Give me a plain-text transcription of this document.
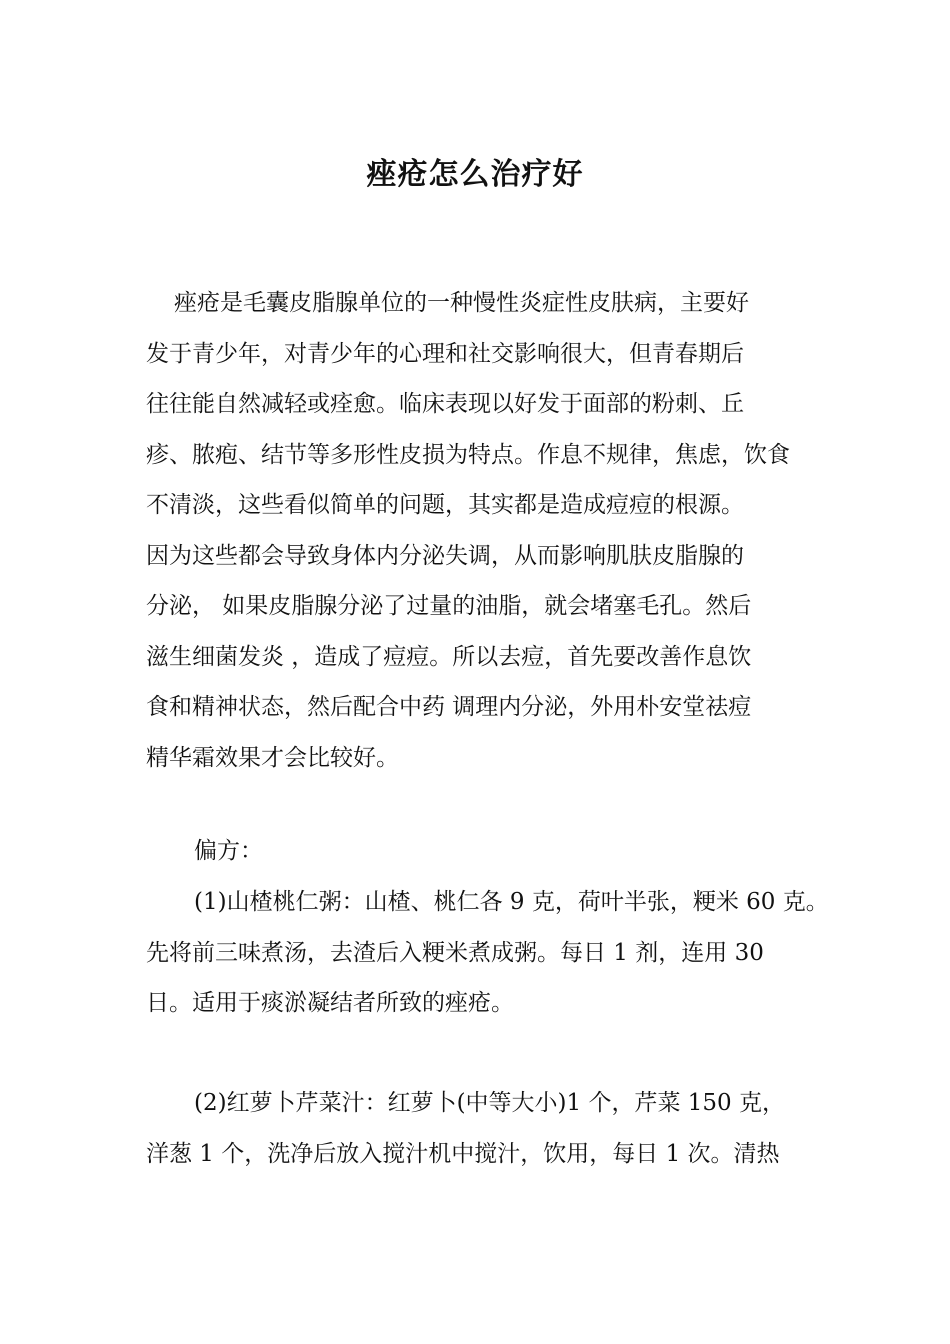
痤疮怎么治疗好
痤疮是毛囊皮脂腺单位的一种慢性炎症性皮肤病，主要好
发于青少年，对青少年的心理和社交影响很大，但青春期后
往往能自然减轻或痊愈。临床表现以好发于面部的粉刺、丘
疹、脓疱、结节等多形性皮损为特点。作息不规律，焦虑，饮食
不清淡，这些看似简单的问题，其实都是造成痘痘的根源。
因为这些都会导致身体内分泌失调，从而影响肌肤皮脂腺的
分泌， 如果皮脂腺分泌了过量的油脂，就会堵塞毛孔。然后
滋生细菌发炎 ，造成了痘痘。所以去痘，首先要改善作息饮
食和精神状态，然后配合中药 调理内分泌，外用朴安堂祛痘
精华霜效果才会比较好。
偏方：
(1)山楂桃仁粥：山楂、桃仁各 9 克，荷叶半张，粳米 60 克。
先将前三味煮汤，去渣后入粳米煮成粥。每日 1 剂，连用 30
日。适用于痰淤凝结者所致的痤疮。
(2)红萝卜芹菜汁：红萝卜(中等大小)1 个，芹菜 150 克，
洋葱 1 个，洗净后放入搅汁机中搅汁，饮用，每日 1 次。清热
